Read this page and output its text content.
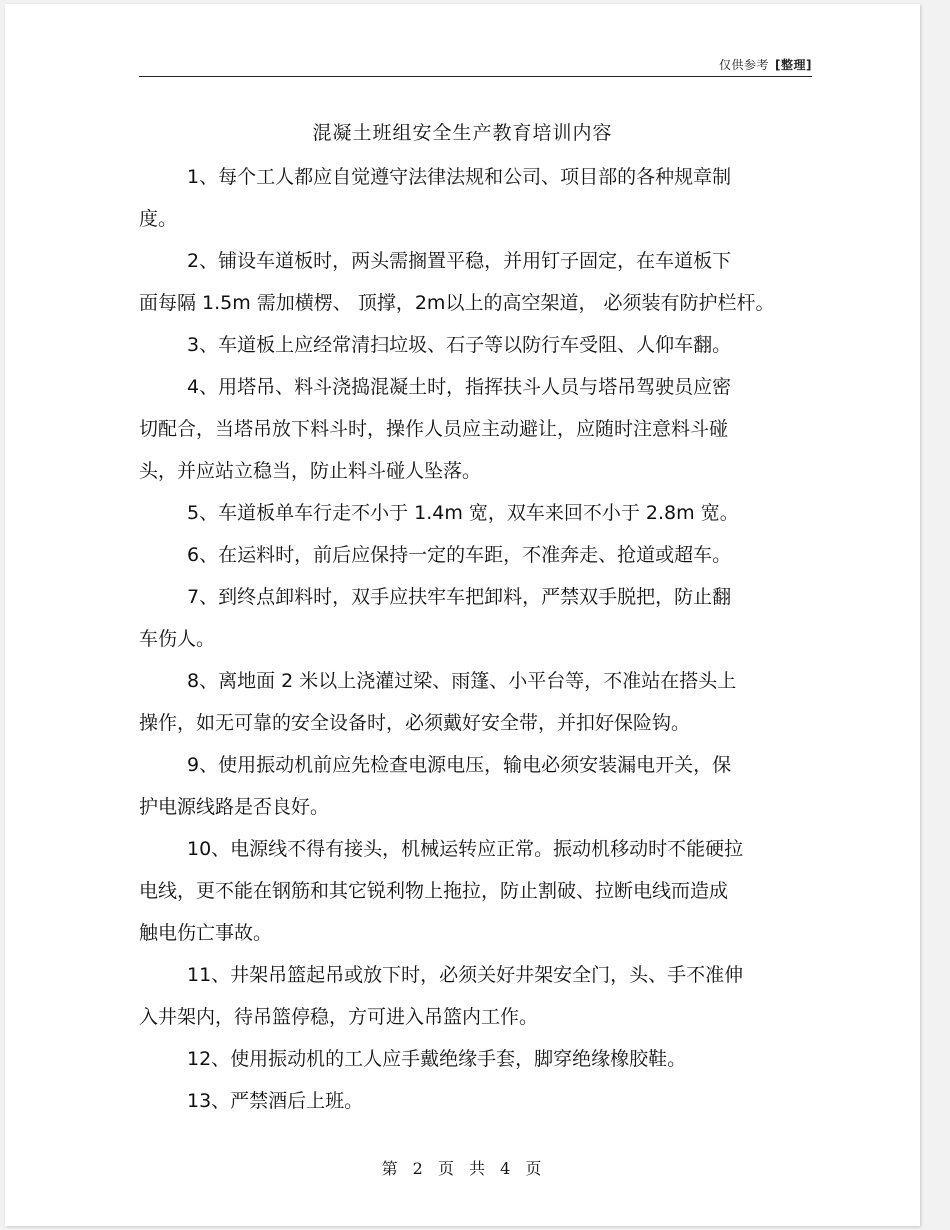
仅供参考 [整理]
混凝土班组安全生产教育培训内容

1、每个工人都应自觉遵守法律法规和公司、项目部的各种规章制
度。

2、铺设车道板时，两头需搁置平稳，并用钉子固定，在车道板下
面每隔 1.5m 需加横楞、 顶撑，2m以上的高空架道， 必须装有防护栏杆。

3、车道板上应经常清扫垃圾、石子等以防行车受阻、人仰车翻。

4、用塔吊、料斗浇捣混凝土时，指挥扶斗人员与塔吊驾驶员应密
切配合，当塔吊放下料斗时，操作人员应主动避让，应随时注意料斗碰
头，并应站立稳当，防止料斗碰人坠落。

5、车道板单车行走不小于 1.4m 宽，双车来回不小于 2.8m 宽。

6、在运料时，前后应保持一定的车距，不准奔走、抢道或超车。

7、到终点卸料时，双手应扶牢车把卸料，严禁双手脱把，防止翻
车伤人。

8、离地面 2 米以上浇灌过梁、雨篷、小平台等，不准站在搭头上
操作，如无可靠的安全设备时，必须戴好安全带，并扣好保险钩。

9、使用振动机前应先检查电源电压，输电必须安装漏电开关，保
护电源线路是否良好。

10、电源线不得有接头，机械运转应正常。振动机移动时不能硬拉
电线，更不能在钢筋和其它锐利物上拖拉，防止割破、拉断电线而造成
触电伤亡事故。

11、井架吊篮起吊或放下时，必须关好井架安全门，头、手不准伸
入井架内，待吊篮停稳，方可进入吊篮内工作。

12、使用振动机的工人应手戴绝缘手套，脚穿绝缘橡胶鞋。

13、严禁酒后上班。

第 2 页 共 4 页
